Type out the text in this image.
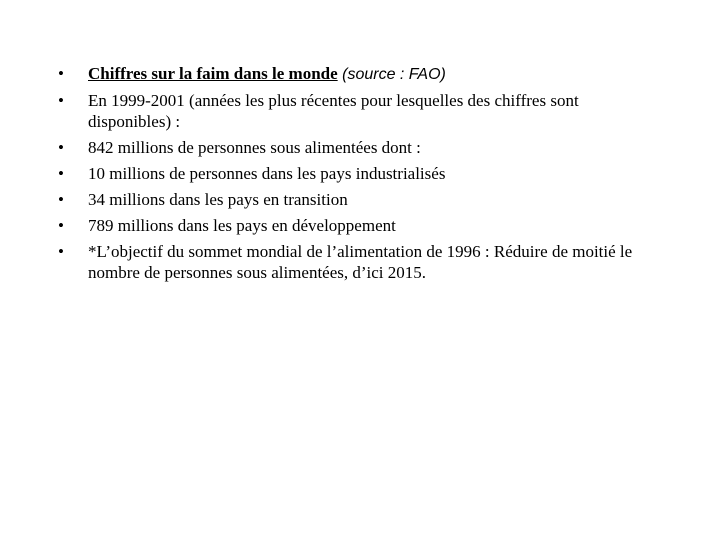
•	Chiffres sur la faim dans le monde (source : FAO)
•	En 1999-2001 (années les plus récentes pour lesquelles des chiffres sont disponibles) :
•	842 millions de personnes sous alimentées dont :
•	10 millions de personnes dans les pays industrialisés
•	34 millions dans les pays en transition
•	789 millions dans les pays en développement
•	*L’objectif du sommet mondial de l’alimentation de 1996 : Réduire de moitié le nombre de personnes sous alimentées, d’ici 2015.
